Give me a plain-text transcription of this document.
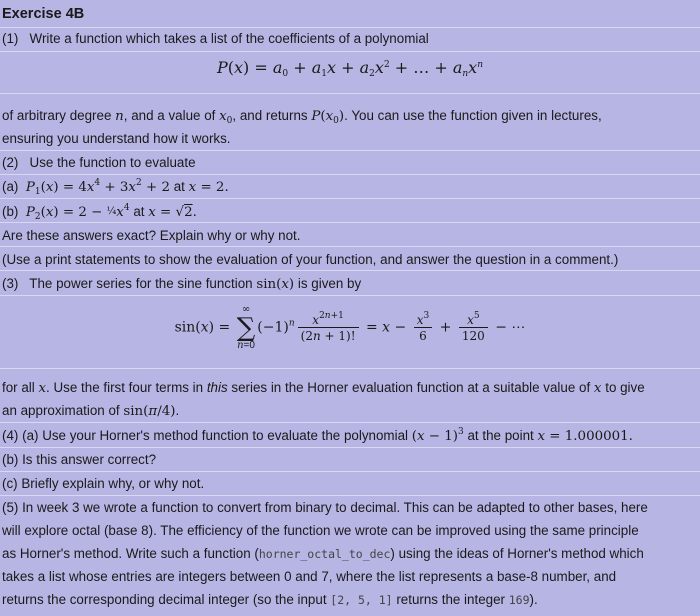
Exercise 4B
(1) Write a function which takes a list of the coefficients of a polynomial
$P(x) = a_0 + a_1x + a_2x^2$ + … + $a_nx^n$
of arbitrary degree n, and a value of $x_0$, and returns $P(x_0)$. You can use the function given in lectures,
ensuring you understand how it works.
(2) Use the function to evaluate
(a) $P_1(x) = 4x^4 + 3x^2 + 2$ at x = 2.
(b) $P_2(x) = 2$ − $\frac{1}{4}x^4$ at x = √2.
Are these answers exact? Explain why or why not.
(Use a print statements to show the evaluation of your function, and answer the question in a comment.)
(3) The power series for the sine function sin(x) is given by
sin(x) =
∞
∑
n=0
$(-1)^n \frac{x^{2n+1}}{(2n + 1)!} = x - \frac{x^3}{6} + \frac{x^5}{120}$ − ⋯
for all x. Use the first four terms in this series in the Horner evaluation function at a suitable value of x to give
an approximation of sin(π/4).
(4) (a) Use your Horner's method function to evaluate the polynomial $(x - 1)^3$ at the point x = 1.000001.
(b) Is this answer correct?
(c) Briefly explain why, or why not.
(5) In week 3 we wrote a function to convert from binary to decimal. This can be adapted to other bases, here
will explore octal (base 8). The efficiency of the function we wrote can be improved using the same principle
as Horner's method. Write such a function (horner_octal_to_dec) using the ideas of Horner's method which
takes a list whose entries are integers between 0 and 7, where the list represents a base-8 number, and
returns the corresponding decimal integer (so the input [2, 5, 1] returns the integer 169).
